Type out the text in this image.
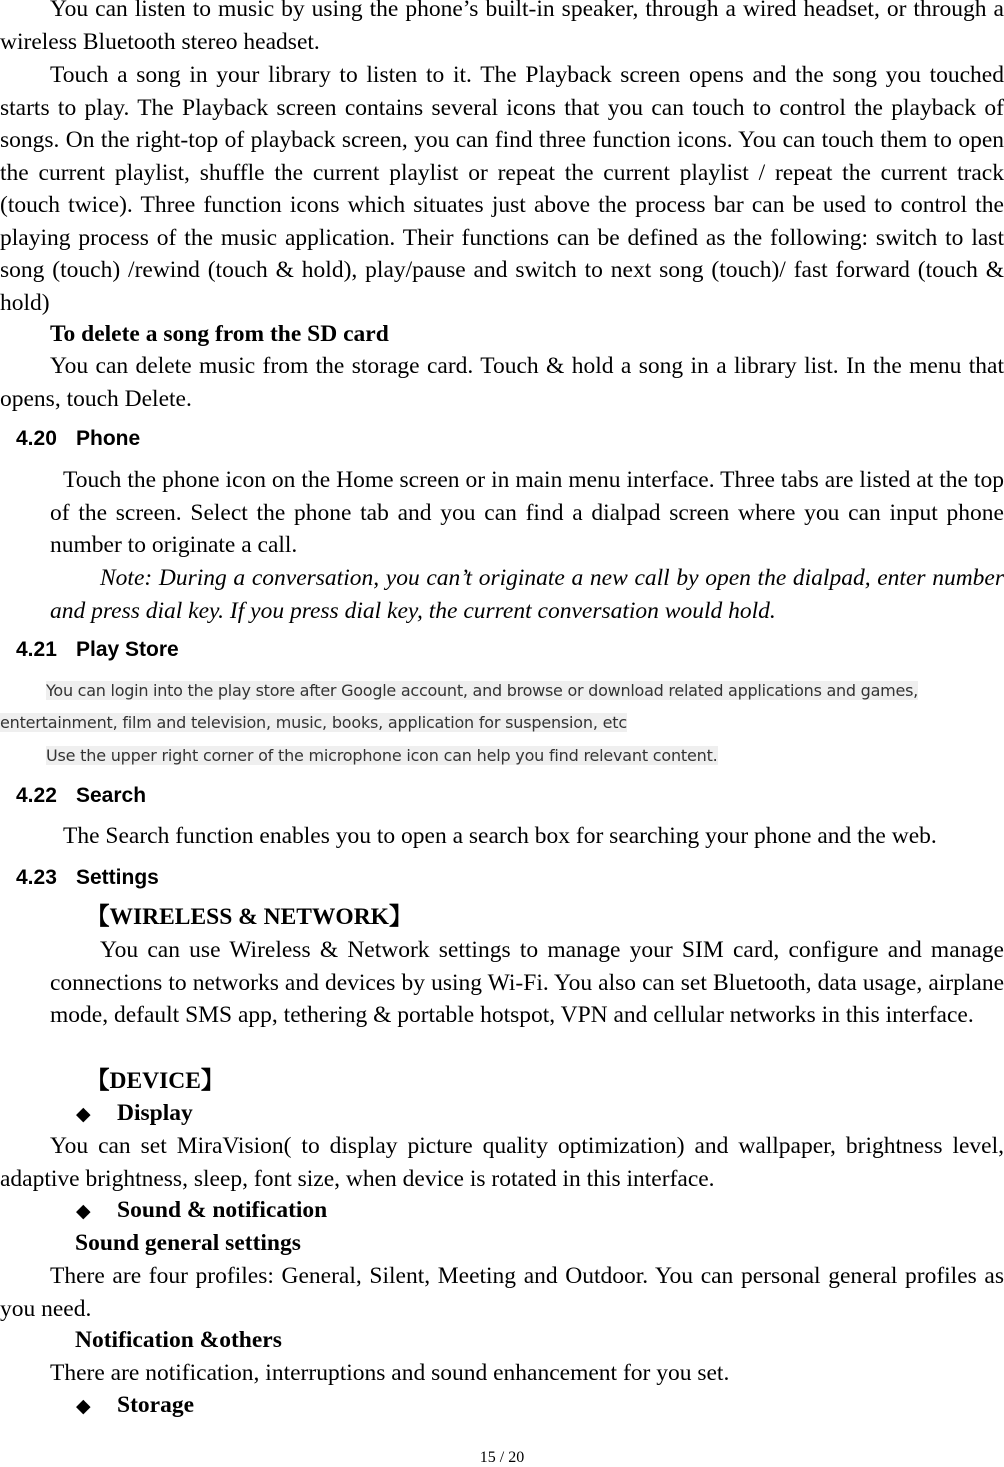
You can listen to music by using the phone’s built-in speaker, through a wired headset, or through a wireless Bluetooth stereo headset.
Touch a song in your library to listen to it. The Playback screen opens and the song you touched starts to play. The Playback screen contains several icons that you can touch to control the playback of songs. On the right-top of playback screen, you can find three function icons. You can touch them to open the current playlist, shuffle the current playlist or repeat the current playlist / repeat the current track (touch twice). Three function icons which situates just above the process bar can be used to control the playing process of the music application. Their functions can be defined as the following: switch to last song (touch) /rewind (touch & hold), play/pause and switch to next song (touch)/ fast forward (touch & hold)
To delete a song from the SD card
You can delete music from the storage card. Touch & hold a song in a library list. In the menu that opens, touch Delete.
4.20 Phone
Touch the phone icon on the Home screen or in main menu interface. Three tabs are listed at the top of the screen. Select the phone tab and you can find a dialpad screen where you can input phone number to originate a call.
Note: During a conversation, you can’t originate a new call by open the dialpad, enter number and press dial key. If you press dial key, the current conversation would hold.
4.21 Play Store
You can login into the play store after Google account, and browse or download related applications and games,
entertainment, film and television, music, books, application for suspension, etc
Use the upper right corner of the microphone icon can help you find relevant content.
4.22 Search
The Search function enables you to open a search box for searching your phone and the web.
4.23 Settings
【WIRELESS & NETWORK】
You can use Wireless & Network settings to manage your SIM card, configure and manage connections to networks and devices by using Wi-Fi. You also can set Bluetooth, data usage, airplane mode, default SMS app, tethering & portable hotspot, VPN and cellular networks in this interface.
【DEVICE】
◆ Display
You can set MiraVision( to display picture quality optimization) and wallpaper, brightness level, adaptive brightness, sleep, font size, when device is rotated in this interface.
◆ Sound & notification
Sound general settings
There are four profiles: General, Silent, Meeting and Outdoor. You can personal general profiles as you need.
Notification &others
There are notification, interruptions and sound enhancement for you set.
◆ Storage
15 / 20
